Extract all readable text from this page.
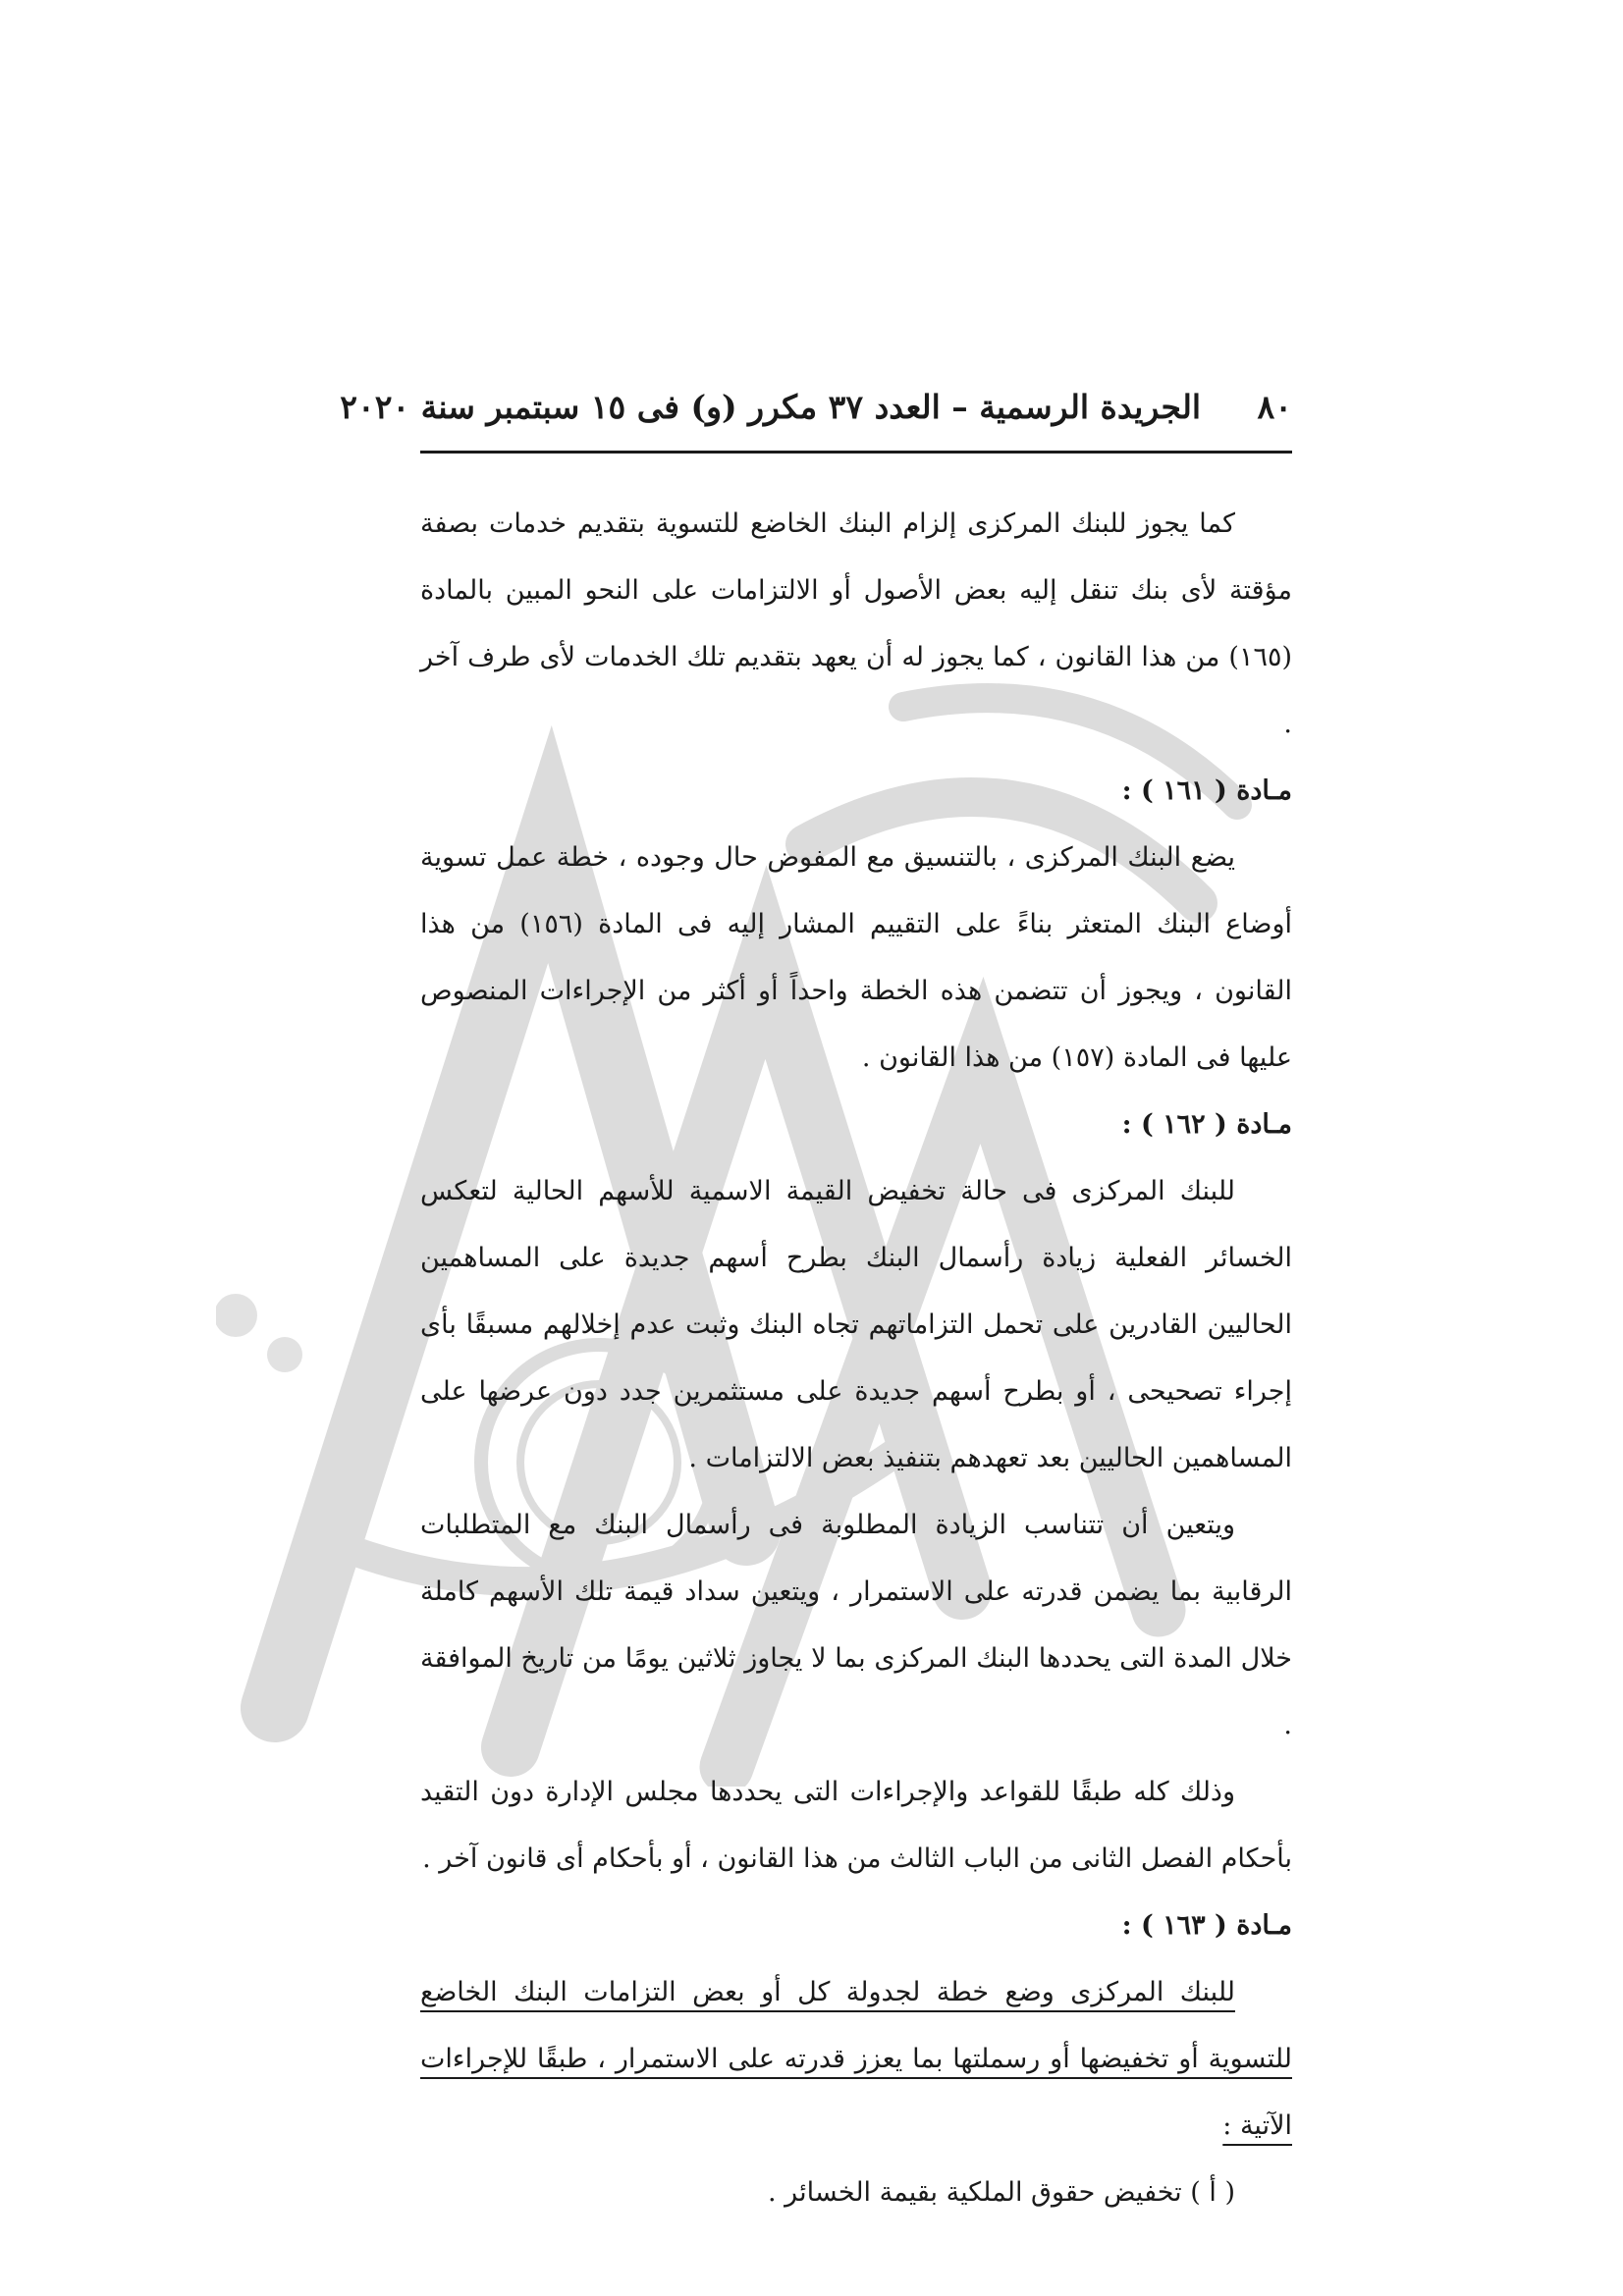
٨٠     الجريدة الرسمية – العدد ٣٧ مكرر (و) فى ١٥ سبتمبر سنة ٢٠٢٠

كما يجوز للبنك المركزى إلزام البنك الخاضع للتسوية بتقديم خدمات بصفة مؤقتة لأى بنك تنقل إليه بعض الأصول أو الالتزامات على النحو المبين بالمادة (١٦٥) من هذا القانون ، كما يجوز له أن يعهد بتقديم تلك الخدمات لأى طرف آخر .

مـادة ( ١٦١ ) :

يضع البنك المركزى ، بالتنسيق مع المفوض حال وجوده ، خطة عمل تسوية أوضاع البنك المتعثر بناءً على التقييم المشار إليه فى المادة (١٥٦) من هذا القانون ، ويجوز أن تتضمن هذه الخطة واحداً أو أكثر من الإجراءات المنصوص عليها فى المادة (١٥٧) من هذا القانون .

مـادة ( ١٦٢ ) :

للبنك المركزى فى حالة تخفيض القيمة الاسمية للأسهم الحالية لتعكس الخسائر الفعلية زيادة رأسمال البنك بطرح أسهم جديدة على المساهمين الحاليين القادرين على تحمل التزاماتهم تجاه البنك وثبت عدم إخلالهم مسبقًا بأى إجراء تصحيحى ، أو بطرح أسهم جديدة على مستثمرين جدد دون عرضها على المساهمين الحاليين بعد تعهدهم بتنفيذ بعض الالتزامات .

ويتعين أن تتناسب الزيادة المطلوبة فى رأسمال البنك مع المتطلبات الرقابية بما يضمن قدرته على الاستمرار ، ويتعين سداد قيمة تلك الأسهم كاملة خلال المدة التى يحددها البنك المركزى بما لا يجاوز ثلاثين يومًا من تاريخ الموافقة .

وذلك كله طبقًا للقواعد والإجراءات التى يحددها مجلس الإدارة دون التقيد بأحكام الفصل الثانى من الباب الثالث من هذا القانون ، أو بأحكام أى قانون آخر .

مـادة ( ١٦٣ ) :

للبنك المركزى وضع خطة لجدولة كل أو بعض التزامات البنك الخاضع للتسوية أو تخفيضها أو رسملتها بما يعزز قدرته على الاستمرار ، طبقًا للإجراءات الآتية :

( أ ) تخفيض حقوق الملكية بقيمة الخسائر .
